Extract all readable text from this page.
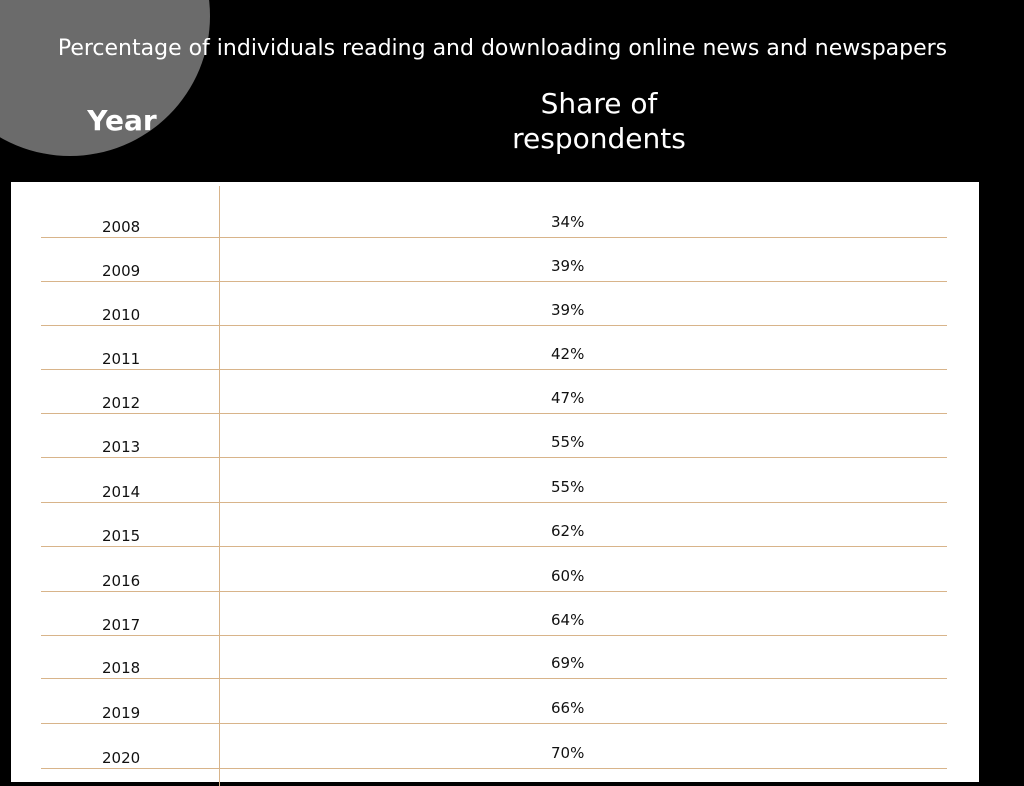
Percentage of individuals reading and downloading online news and newspapers
Year
Share of respondents
2008	34%
2009	39%
2010	39%
2011	42%
2012	47%
2013	55%
2014	55%
2015	62%
2016	60%
2017	64%
2018	69%
2019	66%
2020	70%
